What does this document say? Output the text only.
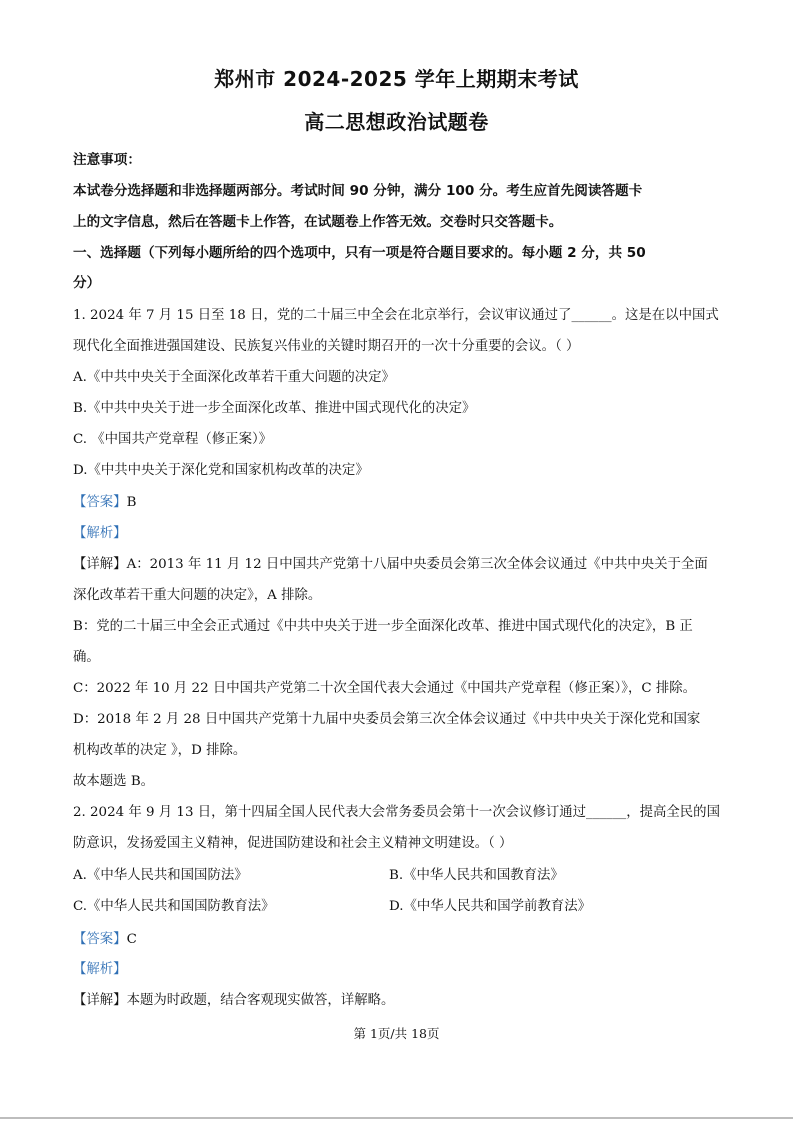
郑州市 2024-2025 学年上期期末考试
高二思想政治试题卷
注意事项：
本试卷分选择题和非选择题两部分。考试时间 90 分钟，满分 100 分。考生应首先阅读答题卡
上的文字信息，然后在答题卡上作答，在试题卷上作答无效。交卷时只交答题卡。
一、选择题（下列每小题所给的四个选项中，只有一项是符合题目要求的。每小题 2 分，共 50
分）
1. 2024 年 7 月 15 日至 18 日，党的二十届三中全会在北京举行，会议审议通过了______。这是在以中国式
现代化全面推进强国建设、民族复兴伟业的关键时期召开的一次十分重要的会议。（ ）
A.《中共中央关于全面深化改革若干重大问题的决定》
B.《中共中央关于进一步全面深化改革、推进中国式现代化的决定》
C. 《中国共产党章程（修正案）》
D.《中共中央关于深化党和国家机构改革的决定》
【答案】B
【解析】
【详解】A：2013 年 11 月 12 日中国共产党第十八届中央委员会第三次全体会议通过《中共中央关于全面
深化改革若干重大问题的决定》，A 排除。
B：党的二十届三中全会正式通过《中共中央关于进一步全面深化改革、推进中国式现代化的决定》，B 正
确。
C：2022 年 10 月 22 日中国共产党第二十次全国代表大会通过《中国共产党章程（修正案）》，C 排除。
D：2018 年 2 月 28 日中国共产党第十九届中央委员会第三次全体会议通过《中共中央关于深化党和国家
机构改革的决定 》，D 排除。
故本题选 B。
2. 2024 年 9 月 13 日，第十四届全国人民代表大会常务委员会第十一次会议修订通过______，提高全民的国
防意识，发扬爱国主义精神，促进国防建设和社会主义精神文明建设。（ ）
A.《中华人民共和国国防法》	B.《中华人民共和国教育法》
C.《中华人民共和国国防教育法》	D.《中华人民共和国学前教育法》
【答案】C
【解析】
【详解】本题为时政题，结合客观现实做答，详解略。
第 1页/共 18页
